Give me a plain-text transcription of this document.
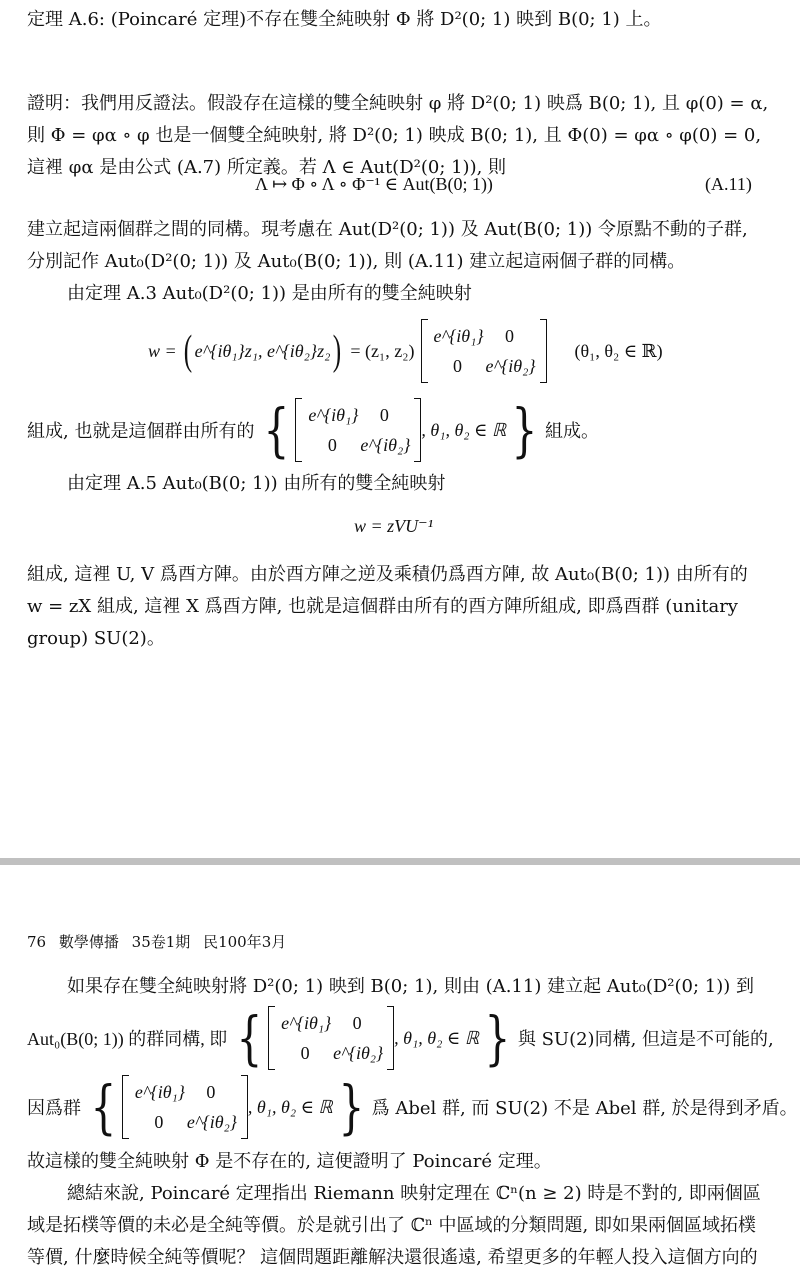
定理 A.6: (Poincaré 定理)不存在雙全純映射 Φ 將 D²(0; 1) 映到 B(0; 1) 上。
證明：我們用反證法。假設存在這樣的雙全純映射 φ 將 D²(0; 1) 映爲 B(0; 1), 且 φ(0) = α,
則 Φ = φα ∘ φ 也是一個雙全純映射, 將 D²(0; 1) 映成 B(0; 1), 且 Φ(0) = φα ∘ φ(0) = 0,
這裡 φα 是由公式 (A.7) 所定義。若 Λ ∈ Aut(D²(0; 1)), 則
Λ ↦ Φ ∘ Λ ∘ Φ⁻¹ ∈ Aut(B(0; 1))	(A.11)
建立起這兩個群之間的同構。現考慮在 Aut(D²(0; 1)) 及 Aut(B(0; 1)) 令原點不動的子群,
分別記作 Aut₀(D²(0; 1)) 及 Aut₀(B(0; 1)), 則 (A.11) 建立起這兩個子群的同構。
由定理 A.3 Aut₀(D²(0; 1)) 是由所有的雙全純映射
w = ( e^{iθ₁}z₁, e^{iθ₂}z₂ ) = (z₁, z₂)
e^{iθ₁}	0
0	e^{iθ₂}
(θ₁, θ₂ ∈ ℝ)
組成, 也就是這個群由所有的 { e^{iθ₁}	0
0	e^{iθ₂}
, θ₁, θ₂ ∈ ℝ } 組成。
由定理 A.5 Aut₀(B(0; 1)) 由所有的雙全純映射
w = zVU⁻¹
組成, 這裡 U, V 爲酉方陣。由於酉方陣之逆及乘積仍爲酉方陣, 故 Aut₀(B(0; 1)) 由所有的
w = zX 組成, 這裡 X 爲酉方陣, 也就是這個群由所有的酉方陣所組成, 即爲酉群 (unitary
group) SU(2)。
76 數學傳播 35卷1期 民100年3月
如果存在雙全純映射將 D²(0; 1) 映到 B(0; 1), 則由 (A.11) 建立起 Aut₀(D²(0; 1)) 到
Aut₀(B(0; 1)) 的群同構, 即 { e^{iθ₁}	0
0	e^{iθ₂}
, θ₁, θ₂ ∈ ℝ } 與 SU(2)同構, 但這是不可能的,
因爲群 { e^{iθ₁}	0
0	e^{iθ₂}
, θ₁, θ₂ ∈ ℝ } 爲 Abel 群, 而 SU(2) 不是 Abel 群, 於是得到矛盾。
故這樣的雙全純映射 Φ 是不存在的, 這便證明了 Poincaré 定理。
總結來說, Poincaré 定理指出 Riemann 映射定理在 ℂⁿ(n ≥ 2) 時是不對的, 即兩個區
域是拓樸等價的未必是全純等價。於是就引出了 ℂⁿ 中區域的分類問題, 即如果兩個區域拓樸
等價, 什麼時候全純等價呢？ 這個問題距離解決還很遙遠, 希望更多的年輕人投入這個方向的
